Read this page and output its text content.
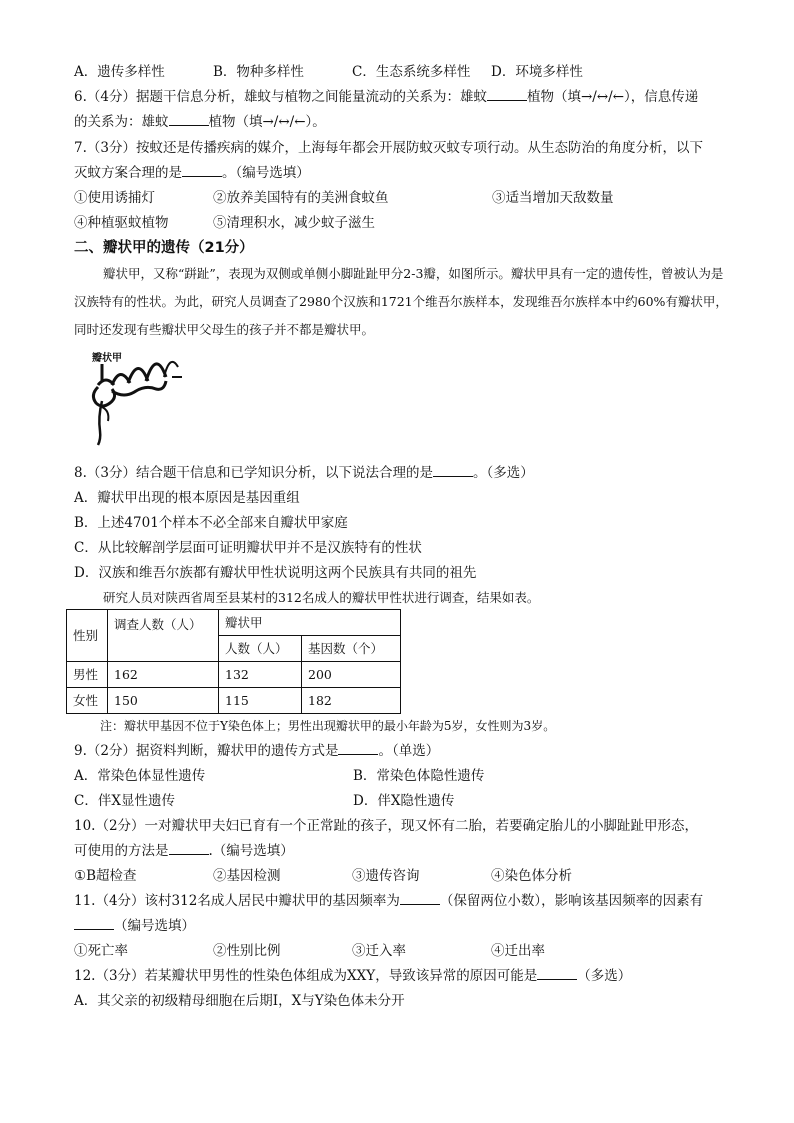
A．遗传多样性	B．物种多样性	C．生态系统多样性	D．环境多样性
6.（4分）据题干信息分析，雄蚊与植物之间能量流动的关系为：雄蚊	植物（填→/↔/←），信息传递
的关系为：雄蚊	植物（填→/↔/←）。
7.（3分）按蚊还是传播疾病的媒介，上海每年都会开展防蚊灭蚊专项行动。从生态防治的角度分析，以下
灭蚊方案合理的是	。（编号选填）
①使用诱捕灯	②放养美国特有的美洲食蚊鱼	③适当增加天敌数量
④种植驱蚊植物	⑤清理积水，减少蚊子滋生
二、瓣状甲的遗传（21分）
瓣状甲，又称“跰趾”，表现为双侧或单侧小脚趾趾甲分2-3瓣，如图所示。瓣状甲具有一定的遗传性，曾被认为是汉族特有的性状。为此，研究人员调查了2980个汉族和1721个维吾尔族样本，发现维吾尔族样本中约60%有瓣状甲，同时还发现有些瓣状甲父母生的孩子并不都是瓣状甲。
瓣状甲
8.（3分）结合题干信息和已学知识分析，以下说法合理的是	。（多选）
A．瓣状甲出现的根本原因是基因重组
B．上述4701个样本不必全部来自瓣状甲家庭
C．从比较解剖学层面可证明瓣状甲并不是汉族特有的性状
D．汉族和维吾尔族都有瓣状甲性状说明这两个民族具有共同的祖先
研究人员对陕西省周至县某村的312名成人的瓣状甲性状进行调查，结果如表。
性别	调查人数（人）	瓣状甲	
		人数（人）	基因数（个）
男性	162	132	200
女性	150	115	182
注：瓣状甲基因不位于Y染色体上；男性出现瓣状甲的最小年龄为5岁，女性则为3岁。
9.（2分）据资料判断，瓣状甲的遗传方式是	。（单选）
A．常染色体显性遗传	B．常染色体隐性遗传
C．伴X显性遗传	D．伴X隐性遗传
10.（2分）一对瓣状甲夫妇已育有一个正常趾的孩子，现又怀有二胎，若要确定胎儿的小脚趾趾甲形态，
可使用的方法是	.（编号选填）
①B超检查	②基因检测	③遗传咨询	④染色体分析
11.（4分）该村312名成人居民中瓣状甲的基因频率为	（保留两位小数），影响该基因频率的因素有
（编号选填）
①死亡率	②性别比例	③迁入率	④迁出率
12.（3分）若某瓣状甲男性的性染色体组成为XXY，导致该异常的原因可能是	（多选）
A．其父亲的初级精母细胞在后期Ⅰ，X与Y染色体未分开
